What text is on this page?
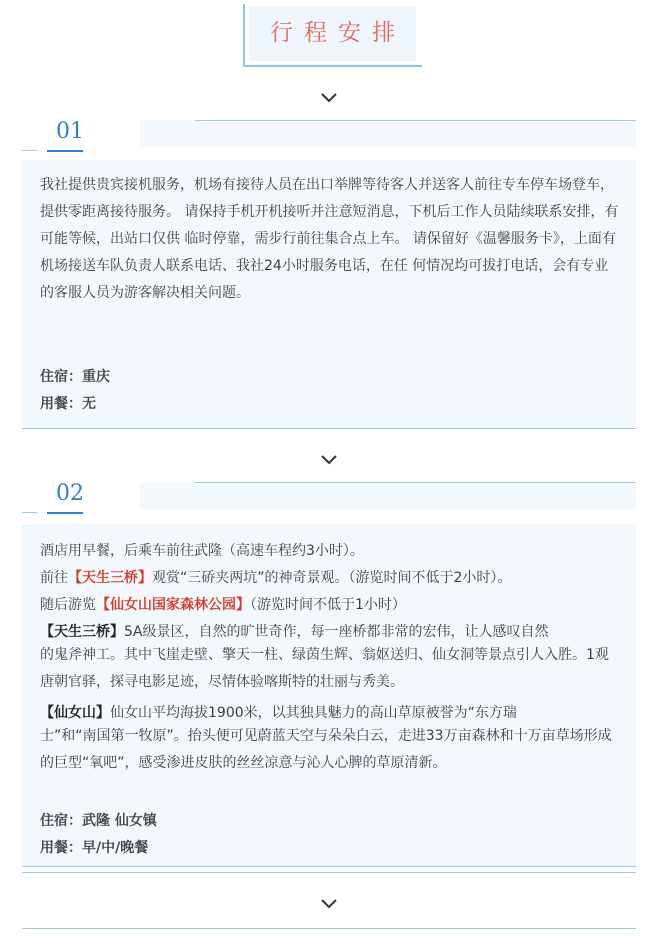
行程安排
01
我社提供贵宾接机服务，机场有接待人员在出口举牌等待客人并送客人前往专车停车场登车，提供零距离接待服务。 请保持手机开机接听并注意短消息，下机后工作人员陆续联系安排，有可能等候，出站口仅供 临时停靠，需步行前往集合点上车。 请保留好《温馨服务卡》，上面有机场接送车队负责人联系电话、我社24小时服务电话，在任 何情况均可拔打电话，会有专业的客服人员为游客解决相关问题。
住宿：重庆
用餐：无
02
酒店用早餐，后乘车前往武隆（高速车程约3小时）。
前往【天生三桥】观赏“三硚夹两坑”的神奇景观。（游览时间不低于2小时）。
随后游览【仙女山国家森林公园】（游览时间不低于1小时）
【天生三桥】5A级景区，自然的旷世奇作，每一座桥都非常的宏伟，让人感叹自然
的鬼斧神工。其中飞崖走壁、擎天一柱、绿茵生辉、翁妪送归、仙女洞等景点引人入胜。1观唐朝官驿，探寻电影足迹，尽情体验喀斯特的壮丽与秀美。
【仙女山】仙女山平均海拔1900米，以其独具魅力的高山草原被誉为“东方瑞
士”和“南国第一牧原”。抬头便可见蔚蓝天空与朵朵白云，走进33万亩森林和十万亩草场形成的巨型“氧吧”，感受渗进皮肤的丝丝凉意与沁人心脾的草原清新。
住宿：武隆 仙女镇
用餐：早/中/晚餐
